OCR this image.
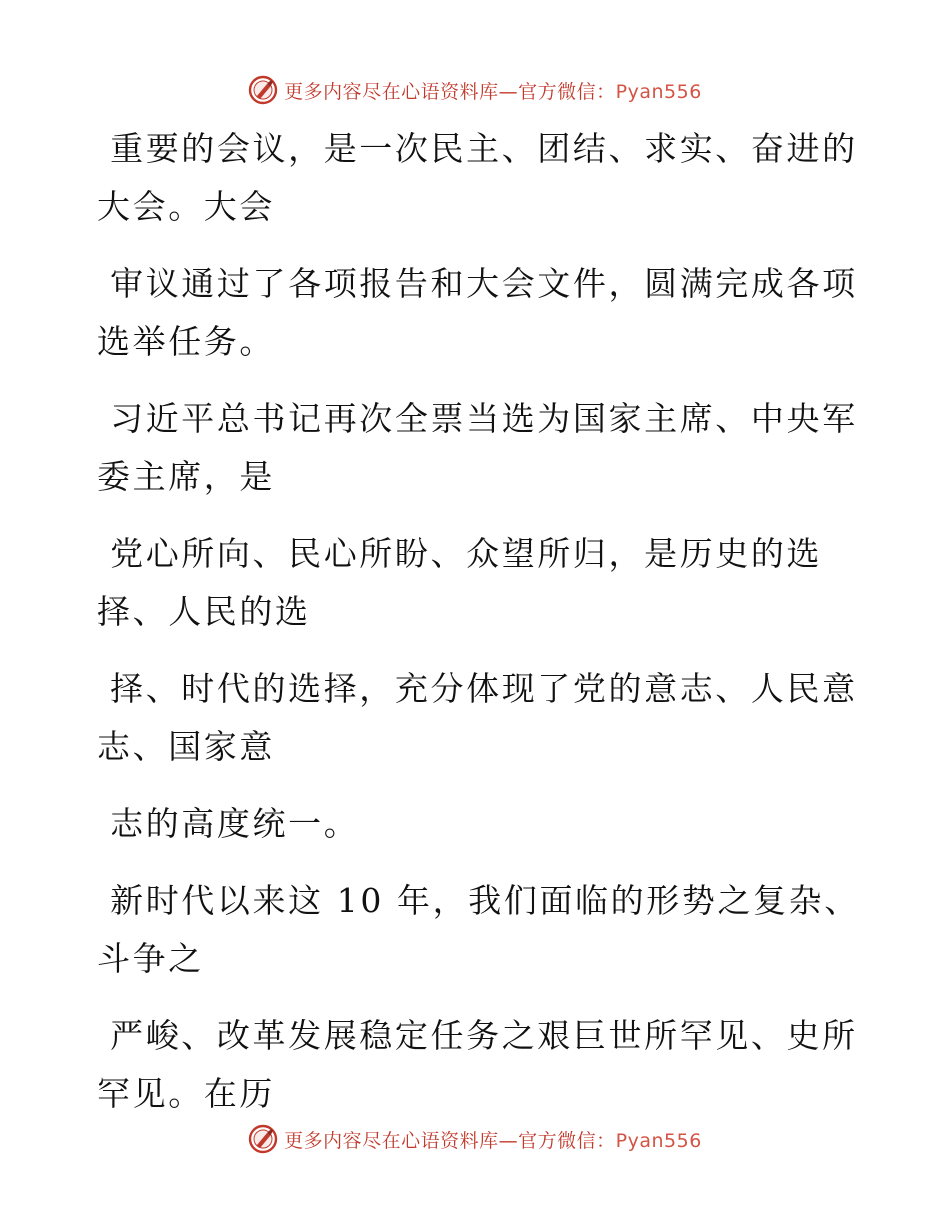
更多内容尽在心语资料库—官方微信：Pyan556

重要的会议，是一次民主、团结、求实、奋进的
大会。大会

审议通过了各项报告和大会文件，圆满完成各项
选举任务。

习近平总书记再次全票当选为国家主席、中央军
委主席，是

党心所向、民心所盼、众望所归，是历史的选
择、人民的选

择、时代的选择，充分体现了党的意志、人民意
志、国家意

志的高度统一。

新时代以来这 10 年，我们面临的形势之复杂、
斗争之

严峻、改革发展稳定任务之艰巨世所罕见、史所
罕见。在历

更多内容尽在心语资料库—官方微信：Pyan556
